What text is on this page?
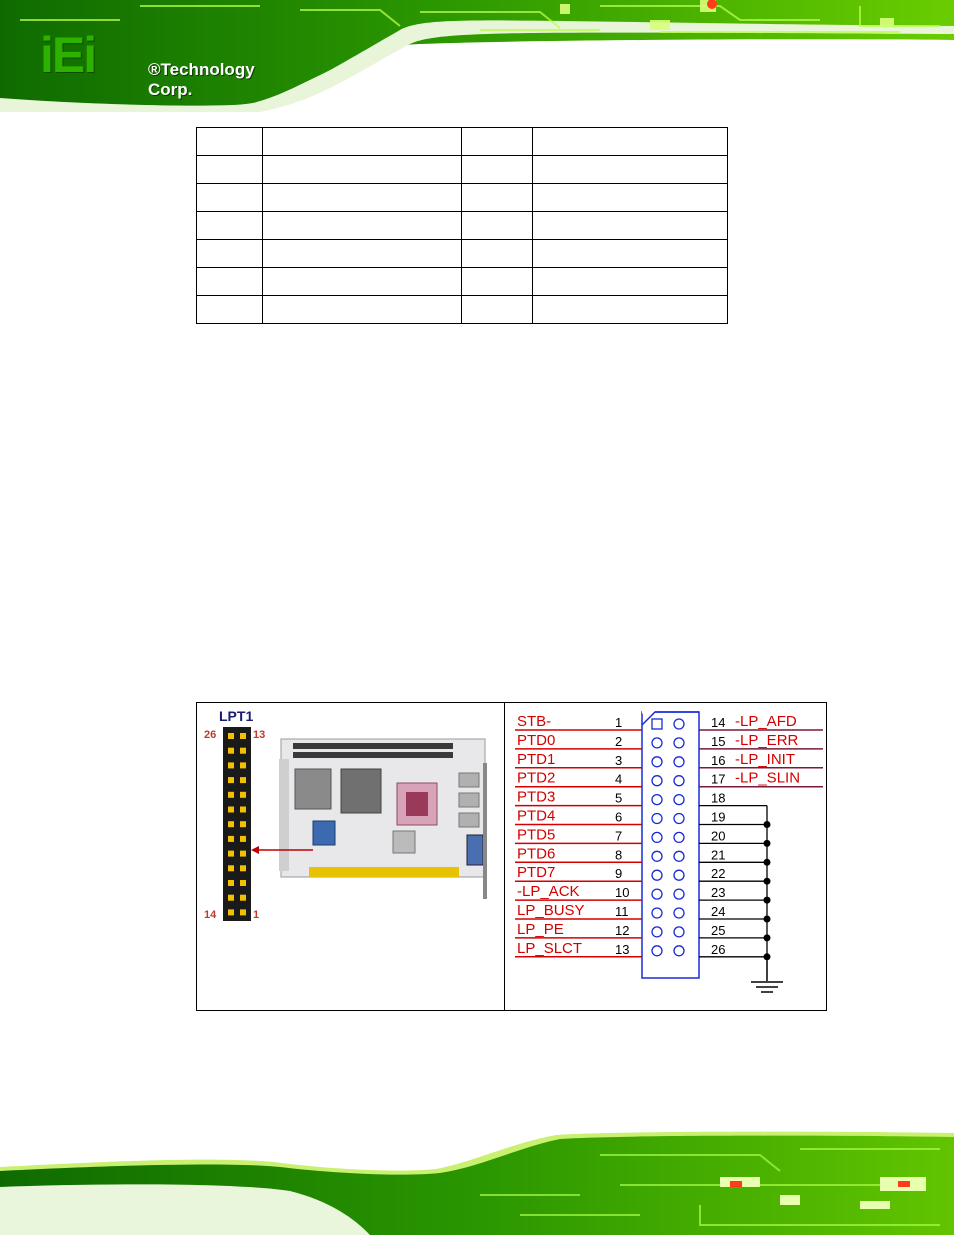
iEi	®Technology Corp.

LPT1
26	13
14	1
STB-	1
PTD0	2
PTD1	3
PTD2	4
PTD3	5
PTD4	6
PTD5	7
PTD6	8
PTD7	9
-LP_ACK	10
LP_BUSY 11
LP_PE	12
LP_SLCT	13
14 -LP_AFD
15 -LP_ERR
16 -LP_INIT
17 -LP_SLIN
18
19
20
21
22
23
24
25
26
